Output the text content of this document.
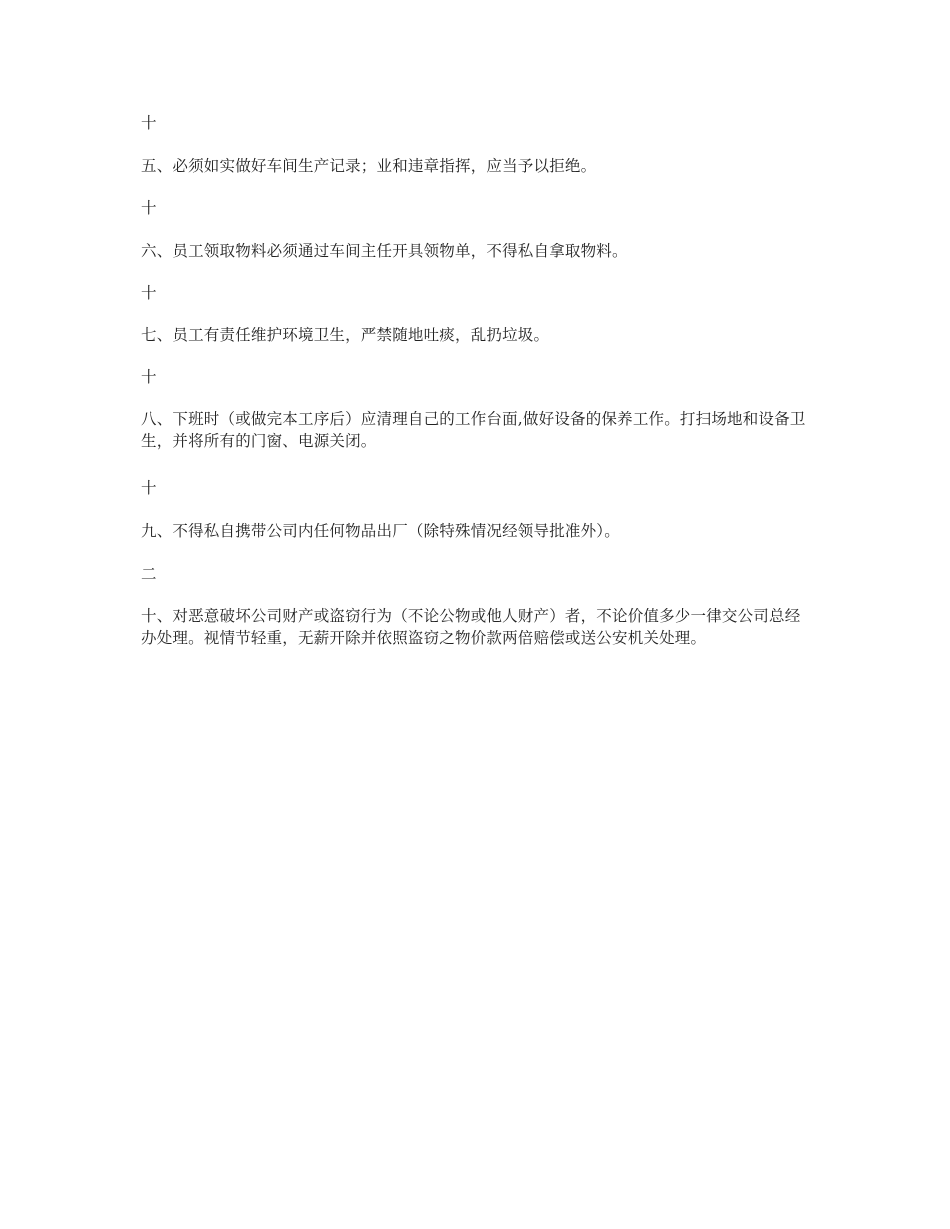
十
五、必须如实做好车间生产记录；业和违章指挥，应当予以拒绝。
十
六、员工领取物料必须通过车间主任开具领物单，不得私自拿取物料。
十
七、员工有责任维护环境卫生，严禁随地吐痰，乱扔垃圾。
十
八、下班时（或做完本工序后）应清理自己的工作台面,做好设备的保养工作。打扫场地和设备卫生，并将所有的门窗、电源关闭。
十
九、不得私自携带公司内任何物品出厂（除特殊情况经领导批准外）。
二
十、对恶意破坏公司财产或盗窃行为（不论公物或他人财产）者，不论价值多少一律交公司总经办处理。视情节轻重，无薪开除并依照盗窃之物价款两倍赔偿或送公安机关处理。
